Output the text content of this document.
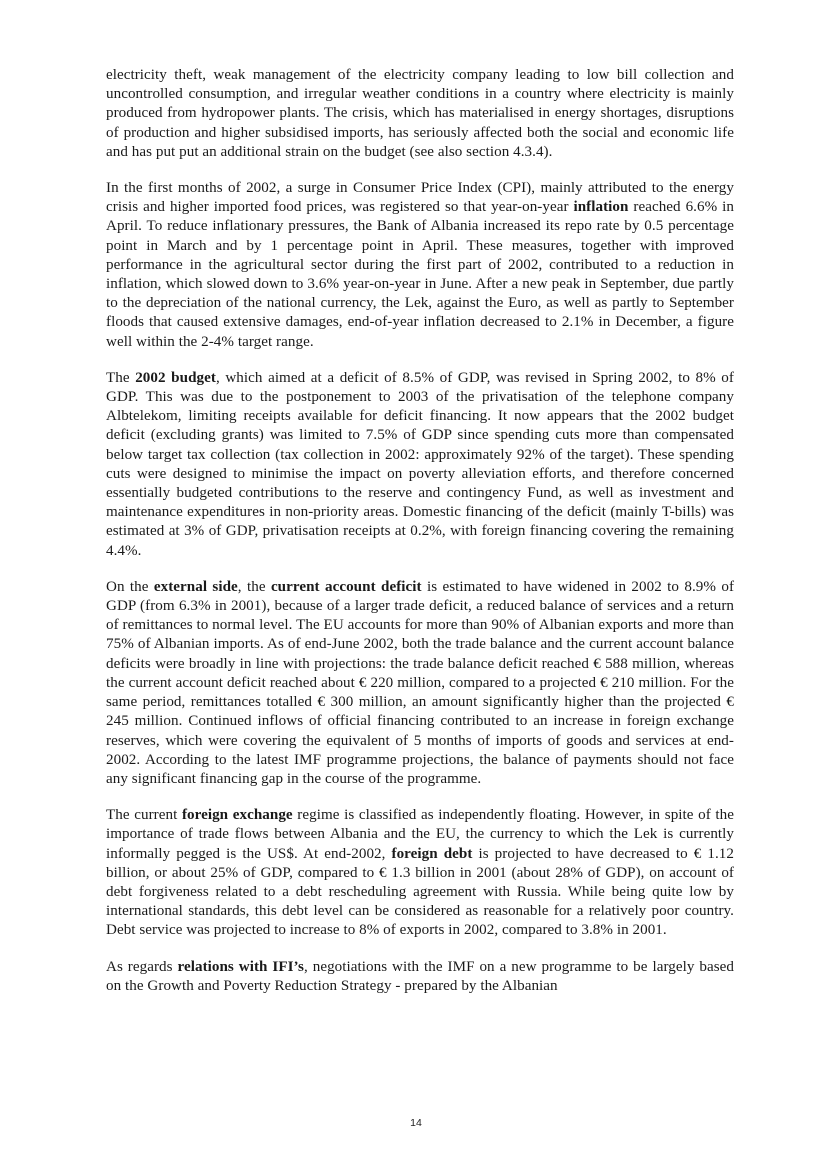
electricity theft, weak management of the electricity company leading to low bill collection and uncontrolled consumption, and irregular weather conditions in a country where electricity is mainly produced from hydropower plants. The crisis, which has materialised in energy shortages, disruptions of production and higher subsidised imports, has seriously affected both the social and economic life and has put put an additional strain on the budget (see also section 4.3.4).

In the first months of 2002, a surge in Consumer Price Index (CPI), mainly attributed to the energy crisis and higher imported food prices, was registered so that year-on-year inflation reached 6.6% in April. To reduce inflationary pressures, the Bank of Albania increased its repo rate by 0.5 percentage point in March and by 1 percentage point in April. These measures, together with improved performance in the agricultural sector during the first part of 2002, contributed to a reduction in inflation, which slowed down to 3.6% year-on-year in June. After a new peak in September, due partly to the depreciation of the national currency, the Lek, against the Euro, as well as partly to September floods that caused extensive damages, end-of-year inflation decreased to 2.1% in December, a figure well within the 2-4% target range.

The 2002 budget, which aimed at a deficit of 8.5% of GDP, was revised in Spring 2002, to 8% of GDP. This was due to the postponement to 2003 of the privatisation of the telephone company Albtelekom, limiting receipts available for deficit financing. It now appears that the 2002 budget deficit (excluding grants) was limited to 7.5% of GDP since spending cuts more than compensated below target tax collection (tax collection in 2002: approximately 92% of the target). These spending cuts were designed to minimise the impact on poverty alleviation efforts, and therefore concerned essentially budgeted contributions to the reserve and contingency Fund, as well as investment and maintenance expenditures in non-priority areas. Domestic financing of the deficit (mainly T-bills) was estimated at 3% of GDP, privatisation receipts at 0.2%, with foreign financing covering the remaining 4.4%.

On the external side, the current account deficit is estimated to have widened in 2002 to 8.9% of GDP (from 6.3% in 2001), because of a larger trade deficit, a reduced balance of services and a return of remittances to normal level. The EU accounts for more than 90% of Albanian exports and more than 75% of Albanian imports. As of end-June 2002, both the trade balance and the current account balance deficits were broadly in line with projections: the trade balance deficit reached € 588 million, whereas the current account deficit reached about € 220 million, compared to a projected € 210 million. For the same period, remittances totalled € 300 million, an amount significantly higher than the projected € 245 million. Continued inflows of official financing contributed to an increase in foreign exchange reserves, which were covering the equivalent of 5 months of imports of goods and services at end-2002. According to the latest IMF programme projections, the balance of payments should not face any significant financing gap in the course of the programme.

The current foreign exchange regime is classified as independently floating. However, in spite of the importance of trade flows between Albania and the EU, the currency to which the Lek is currently informally pegged is the US$. At end-2002, foreign debt is projected to have decreased to € 1.12 billion, or about 25% of GDP, compared to € 1.3 billion in 2001 (about 28% of GDP), on account of debt forgiveness related to a debt rescheduling agreement with Russia. While being quite low by international standards, this debt level can be considered as reasonable for a relatively poor country. Debt service was projected to increase to 8% of exports in 2002, compared to 3.8% in 2001.

As regards relations with IFI’s, negotiations with the IMF on a new programme to be largely based on the Growth and Poverty Reduction Strategy - prepared by the Albanian

14
